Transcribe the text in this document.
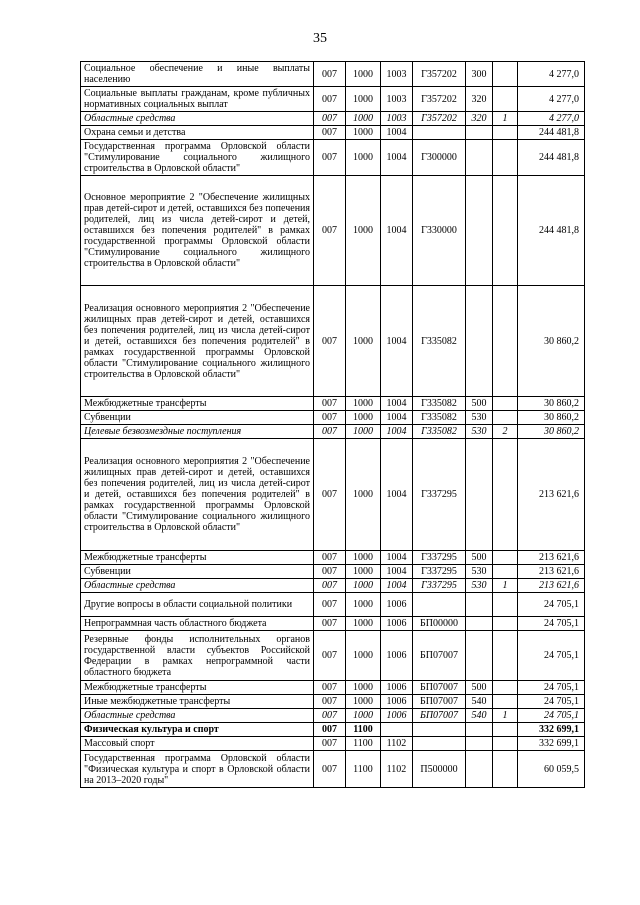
35
Социальное обеспечение и иные выплаты населению	007	1000	1003	Г357202	300		4 277,0
Социальные выплаты гражданам, кроме публичных нормативных социальных выплат	007	1000	1003	Г357202	320		4 277,0
Областные средства	007	1000	1003	Г357202	320	1	4 277,0
Охрана семьи и детства	007	1000	1004				244 481,8
Государственная программа Орловской области "Стимулирование социального жилищного строительства в Орловской области"	007	1000	1004	Г300000			244 481,8
Основное мероприятие 2 "Обеспечение жилищных прав детей-сирот и детей, оставшихся без попечения родителей, лиц из числа детей-сирот и детей, оставшихся без попечения родителей" в рамках государственной программы Орловской области "Стимулирование социального жилищного строительства в Орловской области"	007	1000	1004	Г330000			244 481,8
Реализация основного мероприятия 2 "Обеспечение жилищных прав детей-сирот и детей, оставшихся без попечения родителей, лиц из числа детей-сирот и детей, оставшихся без попечения родителей" в рамках государственной программы Орловской области "Стимулирование социального жилищного строительства в Орловской области"	007	1000	1004	Г335082			30 860,2
Межбюджетные трансферты	007	1000	1004	Г335082	500		30 860,2
Субвенции	007	1000	1004	Г335082	530		30 860,2
Целевые безвозмездные поступления	007	1000	1004	Г335082	530	2	30 860,2
Реализация основного мероприятия 2 "Обеспечение жилищных прав детей-сирот и детей, оставшихся без попечения родителей, лиц из числа детей-сирот и детей, оставшихся без попечения родителей" в рамках государственной программы Орловской области "Стимулирование социального жилищного строительства в Орловской области"	007	1000	1004	Г337295			213 621,6
Межбюджетные трансферты	007	1000	1004	Г337295	500		213 621,6
Субвенции	007	1000	1004	Г337295	530		213 621,6
Областные средства	007	1000	1004	Г337295	530	1	213 621,6
Другие вопросы в области социальной политики	007	1000	1006				24 705,1
Непрограммная часть областного бюджета	007	1000	1006	БП00000			24 705,1
Резервные фонды исполнительных органов государственной власти субъектов Российской Федерации в рамках непрограммной части областного бюджета	007	1000	1006	БП07007			24 705,1
Межбюджетные трансферты	007	1000	1006	БП07007	500		24 705,1
Иные межбюджетные трансферты	007	1000	1006	БП07007	540		24 705,1
Областные средства	007	1000	1006	БП07007	540	1	24 705,1
Физическая культура и спорт	007	1100					332 699,1
Массовый спорт	007	1100	1102				332 699,1
Государственная программа Орловской области "Физическая культура и спорт в Орловской области на 2013–2020 годы"	007	1100	1102	П500000			60 059,5
